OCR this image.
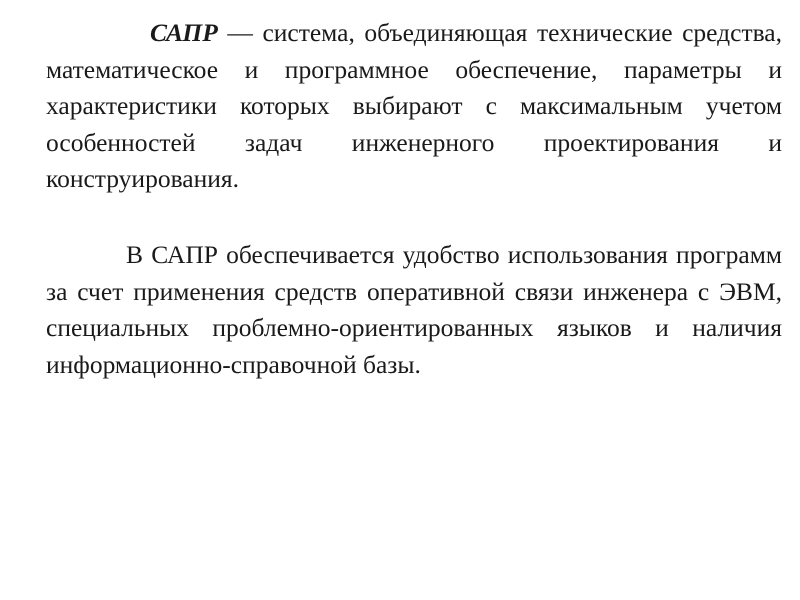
САПР — система, объединяющая технические средства, математическое и программное обеспечение, параметры и характеристики которых выбирают с максимальным учетом особенностей задач инженерного проектирования и конструирования.

В САПР обеспечивается удобство использования программ за счет применения средств оперативной связи инженера с ЭВМ, специальных проблемно-ориентированных языков и наличия информационно-справочной базы.
